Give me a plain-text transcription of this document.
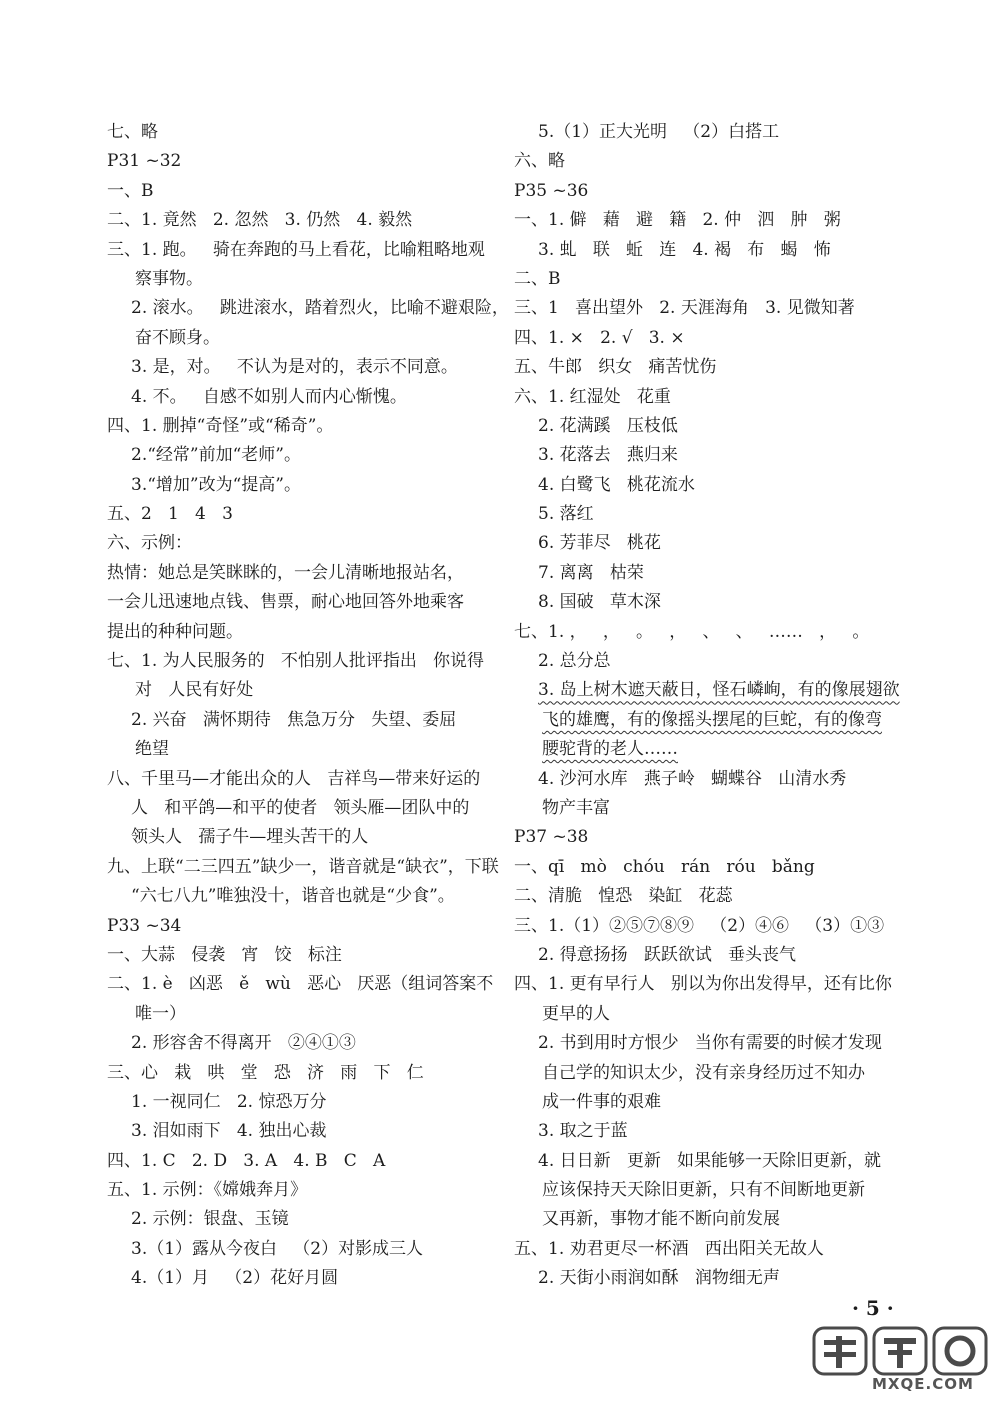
七、略
P31 ~32
一、B
二、1. 竟然   2. 忽然   3. 仍然   4. 毅然
三、1. 跑。   骑在奔跑的马上看花，比喻粗略地观
察事物。
2. 滚水。   跳进滚水，踏着烈火，比喻不避艰险，
奋不顾身。
3. 是，对。   不认为是对的，表示不同意。
4. 不。   自感不如别人而内心惭愧。
四、1. 删掉“奇怪”或“稀奇”。
2.“经常”前加“老师”。
3.“增加”改为“提高”。
五、2   1   4   3
六、示例：
热情：她总是笑眯眯的，一会儿清晰地报站名，
一会儿迅速地点钱、售票，耐心地回答外地乘客
提出的种种问题。
七、1. 为人民服务的   不怕别人批评指出   你说得
对   人民有好处
2. 兴奋   满怀期待   焦急万分   失望、委屈
绝望
八、千里马—才能出众的人   吉祥鸟—带来好运的
人   和平鸽—和平的使者   领头雁—团队中的
领头人   孺子牛—埋头苦干的人
九、上联“二三四五”缺少一，谐音就是“缺衣”，下联
“六七八九”唯独没十，谐音也就是“少食”。
P33 ~34
一、大蒜   侵袭   宵   饺   标注
二、1. è   凶恶   ě   wù   恶心   厌恶（组词答案不
唯一）
2. 形容舍不得离开   ②④①③
三、心   栽   哄   堂   恐   济   雨   下   仁
1. 一视同仁   2. 惊恐万分
3. 泪如雨下   4. 独出心裁
四、1. C   2. D   3. A   4. B   C   A
五、1. 示例：《嫦娥奔月》
2. 示例：银盘、玉镜
3.（1）露从今夜白   （2）对影成三人
4.（1）月   （2）花好月圆
5.（1）正大光明   （2）白搭工
六、略
P35 ~36
一、1. 僻   藉   避   籍   2. 仲   泗   肿   粥
3. 虬   联   蚯   连   4. 褐   布   蝎   怖
二、B
三、1   喜出望外   2. 天涯海角   3. 见微知著
四、1. ×   2. √   3. ×
五、牛郎   织女   痛苦忧伤
六、1. 红湿处   花重
2. 花满蹊   压枝低
3. 花落去   燕归来
4. 白鹭飞   桃花流水
5. 落红
6. 芳菲尽   桃花
7. 离离   枯荣
8. 国破   草木深
七、1. ，   ，   。   ，   、   、   ……   ，   。
2. 总分总
3. 岛上树木遮天蔽日，怪石嶙峋，有的像展翅欲
飞的雄鹰，有的像摇头摆尾的巨蛇，有的像弯
腰驼背的老人……
4. 沙河水库   燕子岭   蝴蝶谷   山清水秀
物产丰富
P37 ~38
一、qī   mò   chóu   rán   róu   bǎng
二、清脆   惶恐   染缸   花蕊
三、1.（1）②⑤⑦⑧⑨   （2）④⑥   （3）①③
2. 得意扬扬   跃跃欲试   垂头丧气
四、1. 更有早行人   别以为你出发得早，还有比你
更早的人
2. 书到用时方恨少   当你有需要的时候才发现
自己学的知识太少，没有亲身经历过不知办
成一件事的艰难
3. 取之于蓝
4. 日日新   更新   如果能够一天除旧更新，就
应该保持天天除旧更新，只有不间断地更新
又再新，事物才能不断向前发展
五、1. 劝君更尽一杯酒   西出阳关无故人
2. 天街小雨润如酥   润物细无声
· 5 ·
MXQE.COM
